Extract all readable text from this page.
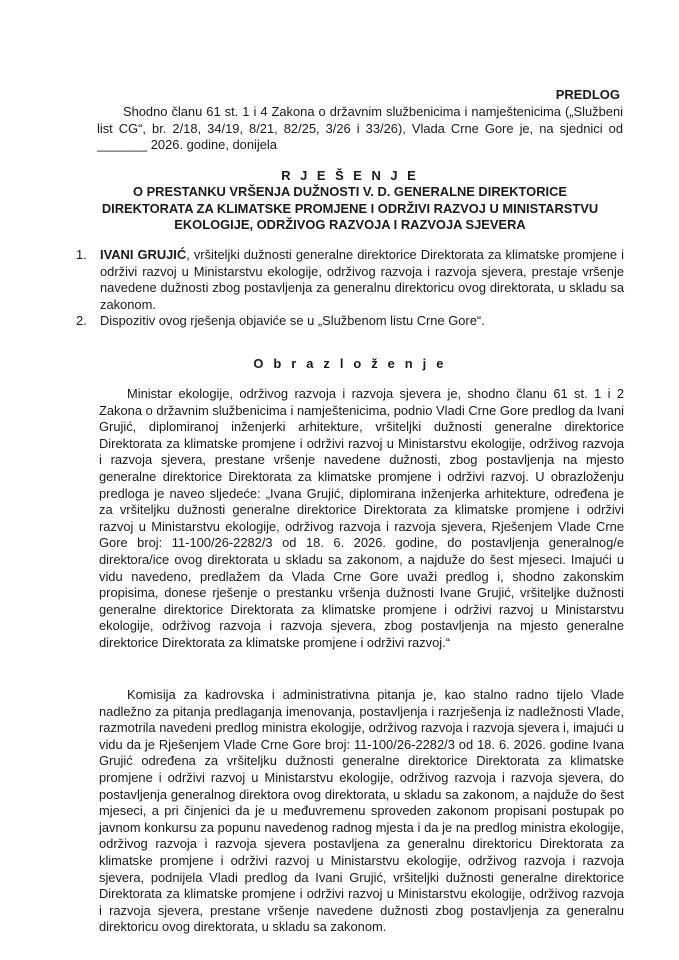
PREDLOG

Shodno članu 61 st. 1 i 4 Zakona o državnim službenicima i namještenicima („Službeni list CG“, br. 2/18, 34/19, 8/21, 82/25, 3/26 i 33/26), Vlada Crne Gore je, na sjednici od _______ 2026. godine, donijela

R J E Š E N J E
O PRESTANKU VRŠENJA DUŽNOSTI V. D. GENERALNE DIREKTORICE
DIREKTORATA ZA KLIMATSKE PROMJENE I ODRŽIVI RAZVOJ U MINISTARSTVU
EKOLOGIJE, ODRŽIVOG RAZVOJA I RAZVOJA SJEVERA
1. IVANI GRUJIĆ, vršiteljki dužnosti generalne direktorice Direktorata za klimatske promjene i održivi razvoj u Ministarstvu ekologije, održivog razvoja i razvoja sjevera, prestaje vršenje navedene dužnosti zbog postavljenja za generalnu direktoricu ovog direktorata, u skladu sa zakonom.
2. Dispozitiv ovog rješenja objaviće se u „Službenom listu Crne Gore“.
O b r a z l o ž e n j e

Ministar ekologije, održivog razvoja i razvoja sjevera je, shodno članu 61 st. 1 i 2 Zakona o državnim službenicima i namještenicima, podnio Vladi Crne Gore predlog da Ivani Grujić, diplomiranoj inženjerki arhitekture, vršiteljki dužnosti generalne direktorice Direktorata za klimatske promjene i održivi razvoj u Ministarstvu ekologije, održivog razvoja i razvoja sjevera, prestane vršenje navedene dužnosti, zbog postavljenja na mjesto generalne direktorice Direktorata za klimatske promjene i održivi razvoj. U obrazloženju predloga je naveo sljedeće: „Ivana Grujić, diplomirana inženjerka arhitekture, određena je za vršiteljku dužnosti generalne direktorice Direktorata za klimatske promjene i održivi razvoj u Ministarstvu ekologije, održivog razvoja i razvoja sjevera, Rješenjem Vlade Crne Gore broj: 11-100/26-2282/3 od 18. 6. 2026. godine, do postavljenja generalnog/e direktora/ice ovog direktorata u skladu sa zakonom, a najduže do šest mjeseci. Imajući u vidu navedeno, predlažem da Vlada Crne Gore uvaži predlog i, shodno zakonskim propisima, donese rješenje o prestanku vršenja dužnosti Ivane Grujić, vršiteljke dužnosti generalne direktorice Direktorata za klimatske promjene i održivi razvoj u Ministarstvu ekologije, održivog razvoja i razvoja sjevera, zbog postavljenja na mjesto generalne direktorice Direktorata za klimatske promjene i održivi razvoj.“

Komisija za kadrovska i administrativna pitanja je, kao stalno radno tijelo Vlade nadležno za pitanja predlaganja imenovanja, postavljenja i razrješenja iz nadležnosti Vlade, razmotrila navedeni predlog ministra ekologije, održivog razvoja i razvoja sjevera i, imajući u vidu da je Rješenjem Vlade Crne Gore broj: 11-100/26-2282/3 od 18. 6. 2026. godine Ivana Grujić određena za vršiteljku dužnosti generalne direktorice Direktorata za klimatske promjene i održivi razvoj u Ministarstvu ekologije, održivog razvoja i razvoja sjevera, do postavljenja generalnog direktora ovog direktorata, u skladu sa zakonom, a najduže do šest mjeseci, a pri činjenici da je u međuvremenu sproveden zakonom propisani postupak po javnom konkursu za popunu navedenog radnog mjesta i da je na predlog ministra ekologije, održivog razvoja i razvoja sjevera postavljena za generalnu direktoricu Direktorata za klimatske promjene i održivi razvoj u Ministarstvu ekologije, održivog razvoja i razvoja sjevera, podnijela Vladi predlog da Ivani Grujić, vršiteljki dužnosti generalne direktorice Direktorata za klimatske promjene i održivi razvoj u Ministarstvu ekologije, održivog razvoja i razvoja sjevera, prestane vršenje navedene dužnosti zbog postavljenja za generalnu direktoricu ovog direktorata, u skladu sa zakonom.
